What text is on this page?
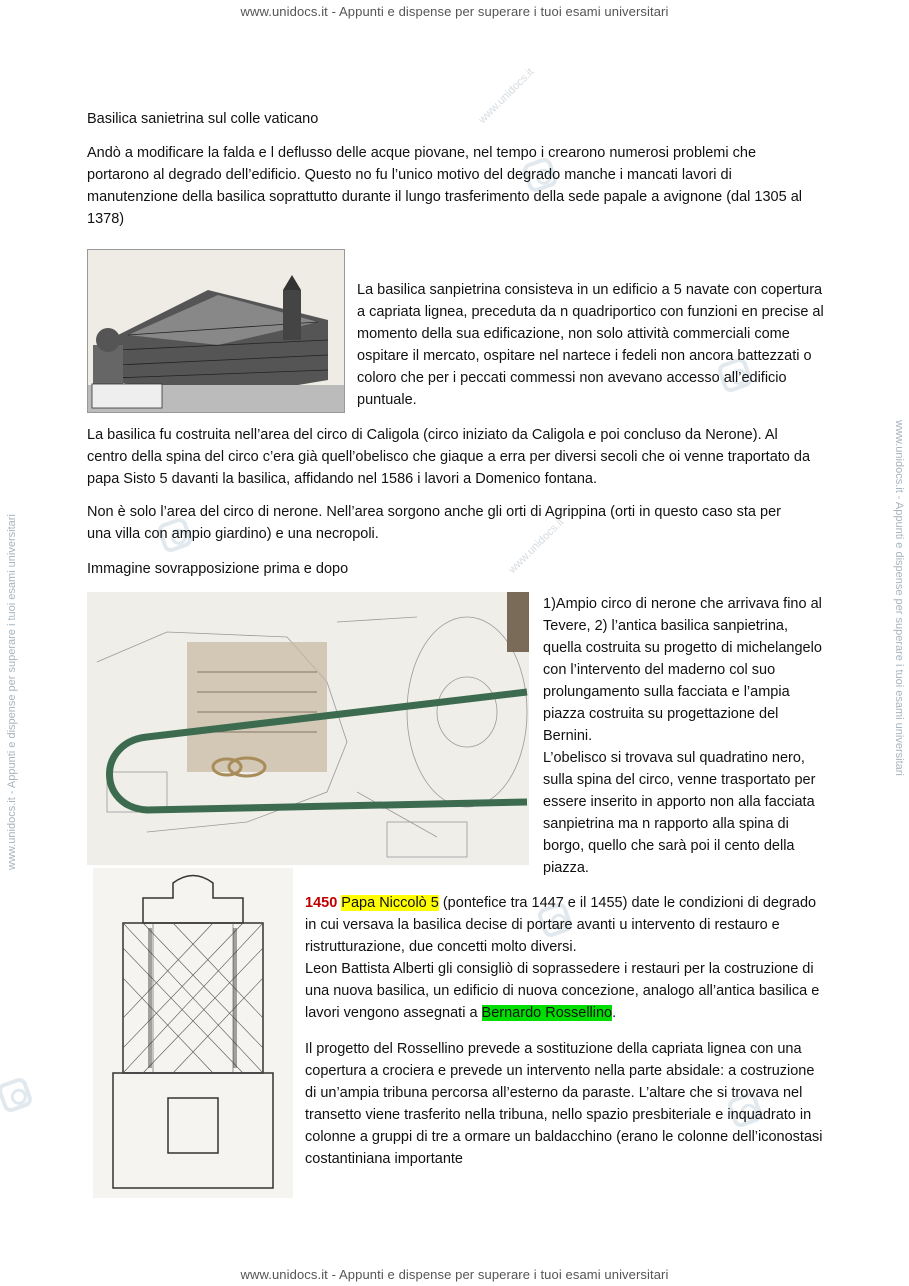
www.unidocs.it - Appunti e dispense per superare i tuoi esami universitari
www.unidocs.it - Appunti e dispense per superare i tuoi esami universitari
www.unidocs.it - Appunti e dispense per superare i tuoi esami universitari	www.unidocs.it - Appunti e dispense per superare i tuoi esami universitari
www.unidocs.it
www.unidocs.it

Basilica sanietrina sul colle vaticano

Andò a modificare la falda e l deflusso delle acque piovane, nel tempo i crearono numerosi problemi che portarono al degrado dell’edificio. Questo no fu l’unico motivo del degrado manche i mancati lavori di manutenzione della basilica soprattutto durante il lungo trasferimento della sede papale a avignone (dal 1305 al 1378)

La basilica sanpietrina consisteva in un edificio a 5 navate con copertura a capriata lignea, preceduta da n quadriportico con funzioni en precise al momento della sua edificazione, non solo attività commerciali come ospitare il mercato, ospitare nel nartece i fedeli non ancora battezzati o coloro che per i peccati commessi non avevano accesso all’edificio puntuale.

La basilica fu costruita nell’area del circo di Caligola (circo iniziato da Caligola e poi concluso da Nerone). Al centro della spina del circo c’era già quell’obelisco che giaque a erra per diversi secoli che oi venne traportato da papa Sisto 5 davanti la basilica, affidando nel 1586 i lavori a Domenico fontana.

Non è solo l’area del circo di nerone. Nell’area sorgono anche gli orti di Agrippina (orti in questo caso sta per una villa con ampio giardino) e una necropoli.

Immagine sovrapposizione prima e dopo

1)Ampio circo di nerone che arrivava fino al Tevere, 2) l’antica basilica sanpietrina, quella costruita su progetto di michelangelo con l’intervento del maderno col suo prolungamento sulla facciata e l’ampia piazza costruita su progettazione del Bernini.
L’obelisco si trovava sul quadratino nero, sulla spina del circo, venne trasportato per essere inserito in apporto non alla facciata sanpietrina ma n rapporto alla spina di borgo, quello che sarà poi il cento della piazza.

1450 Papa Niccolò 5 (pontefice tra 1447 e il 1455) date le condizioni di degrado in cui versava la basilica decise di portare avanti u intervento di restauro e ristrutturazione, due concetti molto diversi.
Leon Battista Alberti gli consigliò di soprassedere i restauri per la costruzione di una nuova basilica, un edificio di nuova concezione, analogo all’antica basilica e lavori vengono assegnati a Bernardo Rossellino.

Il progetto del Rossellino prevede a sostituzione della capriata lignea con una copertura a crociera e prevede un intervento nella parte absidale: a costruzione di un’ampia tribuna percorsa all’esterno da paraste. L’altare che si trovava nel transetto viene trasferito nella tribuna, nello spazio presbiteriale e inquadrato in colonne a gruppi di tre a ormare un baldacchino (erano le colonne dell’iconostasi costantiniana importante
